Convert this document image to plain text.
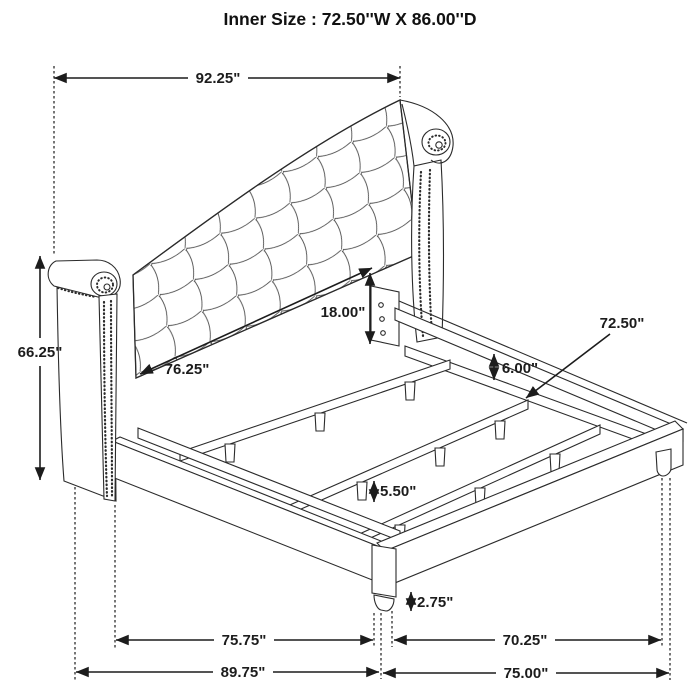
Inner Size : 72.50''W X 86.00''D
92.25"
66.25"
76.25"
18.00"
6.00"
72.50"
5.50"
2.75"
75.75"
89.75"
70.25"
75.00"
